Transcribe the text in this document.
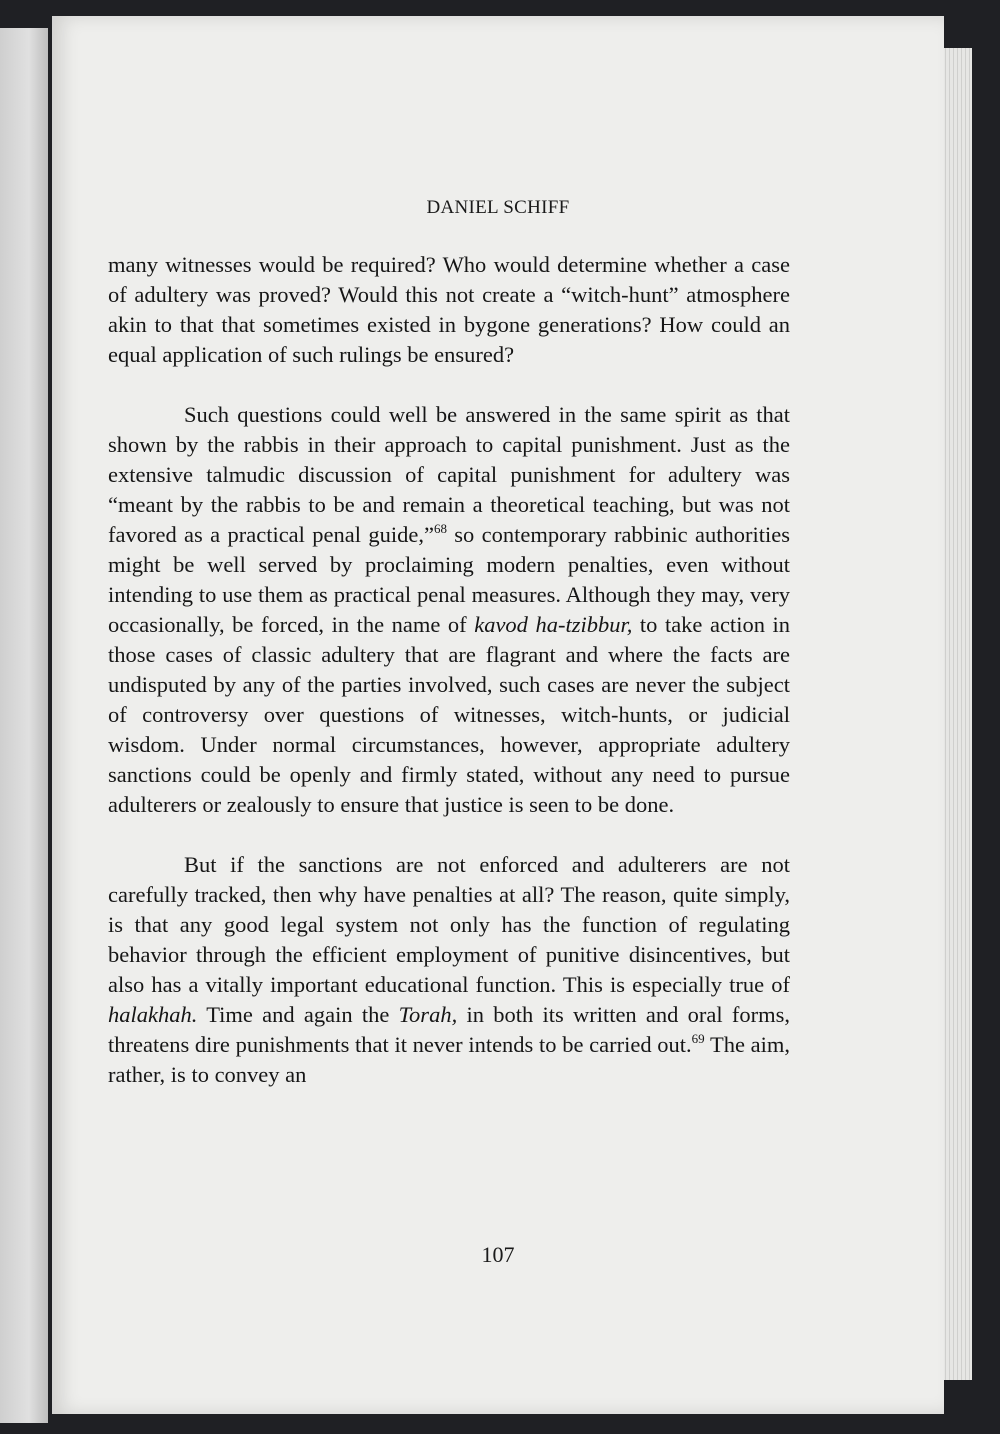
DANIEL SCHIFF

many witnesses would be required? Who would determine whether a case of adultery was proved? Would this not create a “witch-hunt” atmosphere akin to that that sometimes existed in bygone generations? How could an equal application of such rulings be ensured?

Such questions could well be answered in the same spirit as that shown by the rabbis in their approach to capital punishment. Just as the extensive talmudic discussion of capital punishment for adultery was “meant by the rabbis to be and remain a theoretical teaching, but was not favored as a practical penal guide,”$^{68}$ so contemporary rabbinic authorities might be well served by proclaiming modern penalties, even without intending to use them as practical penal measures. Although they may, very occasionally, be forced, in the name of kavod ha-tzibbur, to take action in those cases of classic adultery that are flagrant and where the facts are undisputed by any of the parties involved, such cases are never the subject of controversy over questions of witnesses, witch-hunts, or judicial wisdom. Under normal circumstances, however, appropriate adultery sanctions could be openly and firmly stated, without any need to pursue adulterers or zealously to ensure that justice is seen to be done.

But if the sanctions are not enforced and adulterers are not carefully tracked, then why have penalties at all? The reason, quite simply, is that any good legal system not only has the function of regulating behavior through the efficient employment of punitive disincentives, but also has a vitally important educational function. This is especially true of halakhah. Time and again the Torah, in both its written and oral forms, threatens dire punishments that it never intends to be carried out.$^{69}$ The aim, rather, is to convey an

107
